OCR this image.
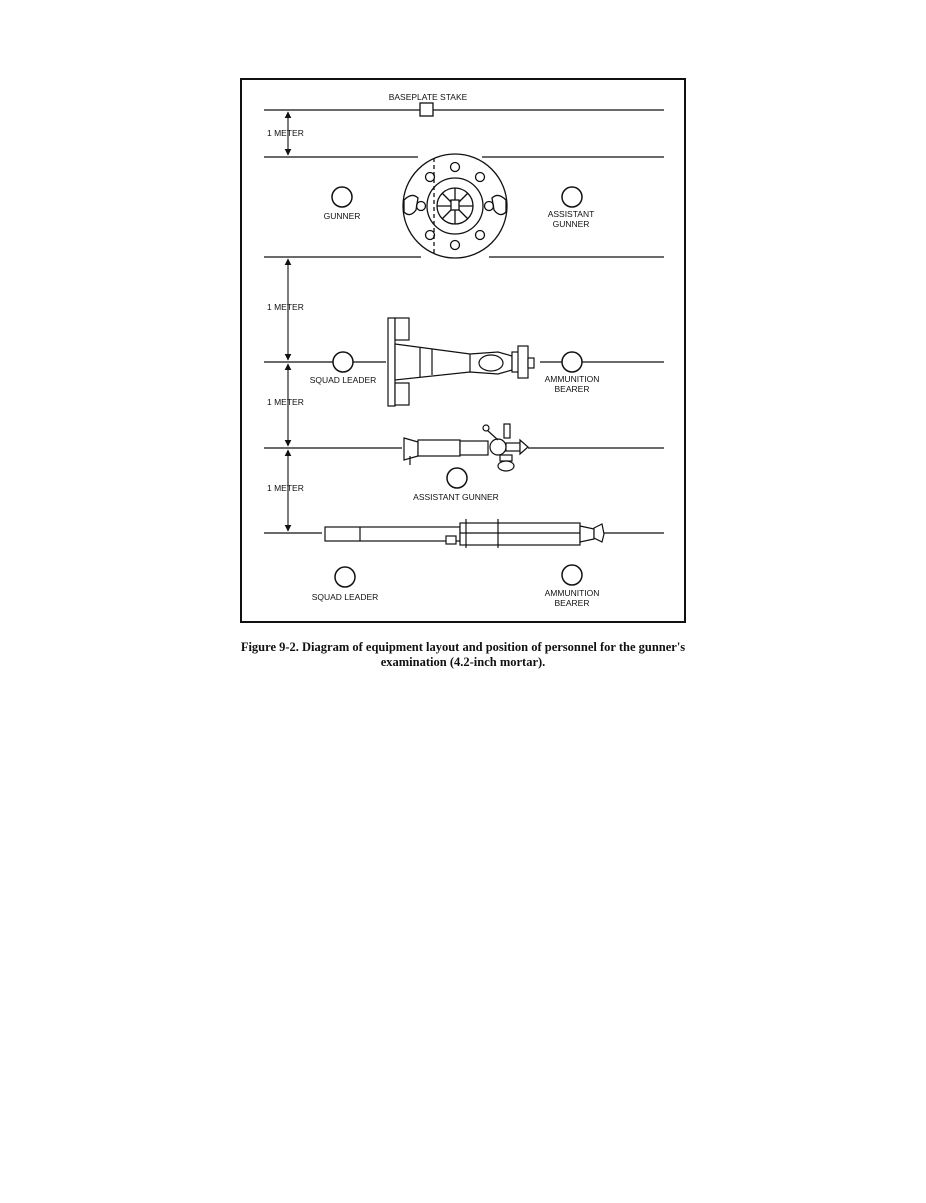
BASEPLATE STAKE
1 METER
1 METER
1 METER
1 METER
GUNNER	ASSISTANT
GUNNER
SQUAD LEADER	AMMUNITION
BEARER
ASSISTANT GUNNER
SQUAD LEADER	AMMUNITION
BEARER
Figure 9-2. Diagram of equipment layout and position of personnel for the gunner's
examination (4.2-inch mortar).
